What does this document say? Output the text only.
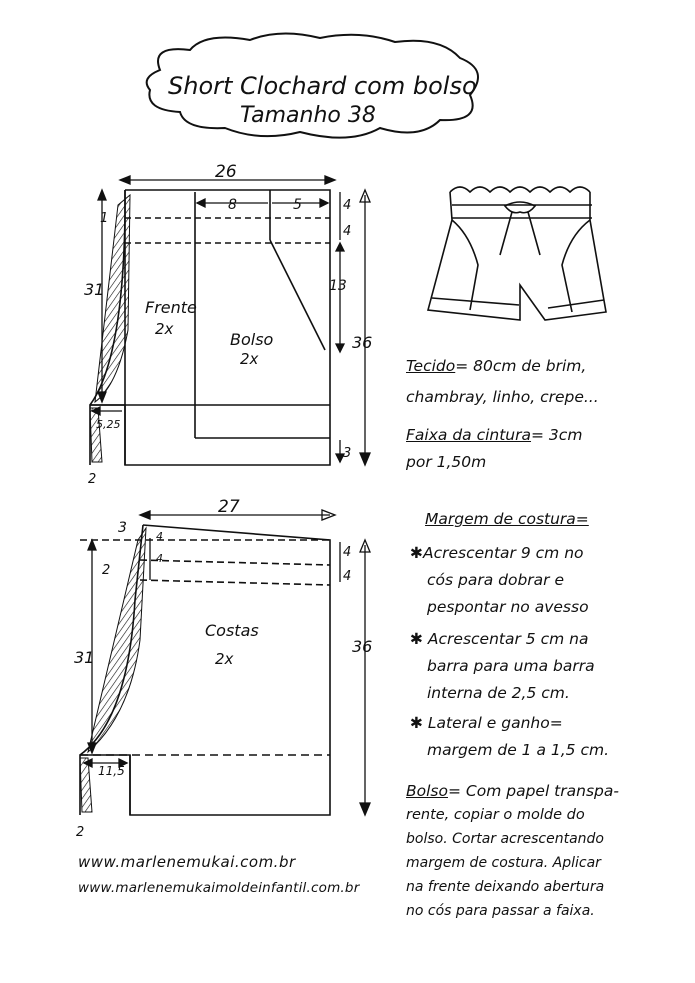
Short Clochard com bolso
Tamanho 38
26
8	5
31
36
13
4
4
3
5,25
1
2
Frente
2x
Bolso
2x
27
3
2
31
36
4
4
4
4
11,5
2
Costas
2x
Tecido= 80cm de brim,
chambray, linho, crepe...
Faixa da cintura= 3cm
por 1,50m
Margem de costura=
✱Acrescentar 9 cm no
cós para dobrar e
pespontar no avesso
✱ Acrescentar 5 cm na
barra para uma barra
interna de 2,5 cm.
✱ Lateral e ganho=
margem de 1 a 1,5 cm.
Bolso= Com papel transpa-
rente, copiar o molde do
bolso. Cortar acrescentando
margem de costura. Aplicar
na frente deixando abertura
no cós para passar a faixa.
www.marlenemukai.com.br
www.marlenemukaimoldeinfantil.com.br
